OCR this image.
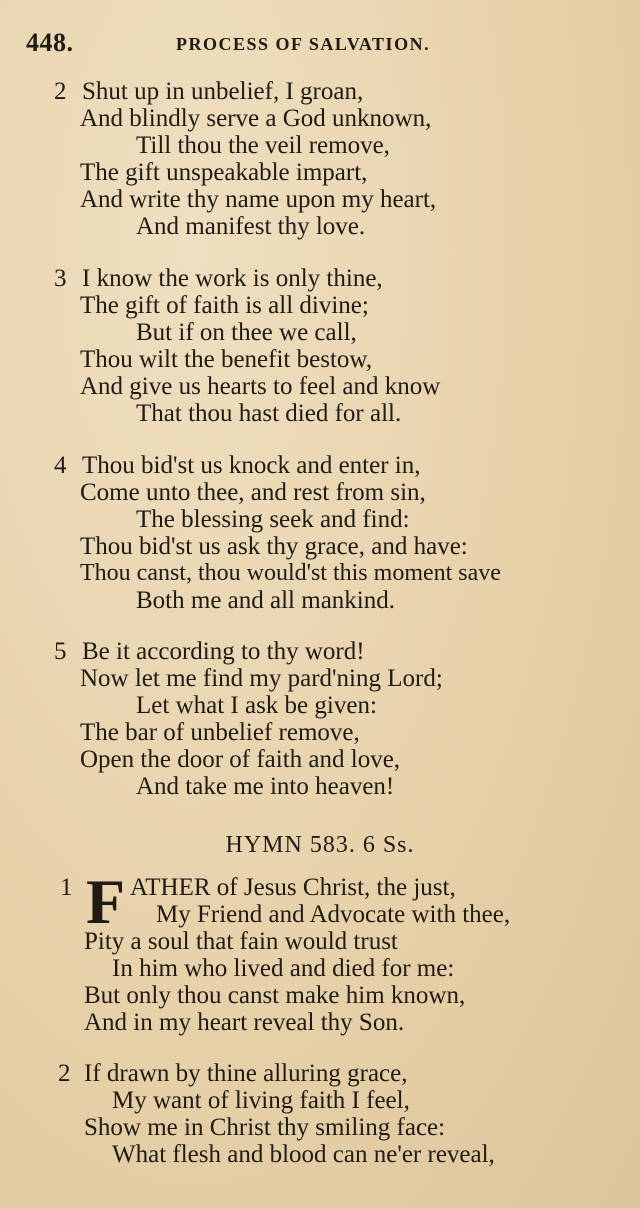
448.	PROCESS OF SALVATION.
2 Shut up in unbelief, I groan,
And blindly serve a God unknown,
Till thou the veil remove,
The gift unspeakable impart,
And write thy name upon my heart,
And manifest thy love.
3 I know the work is only thine,
The gift of faith is all divine;
But if on thee we call,
Thou wilt the benefit bestow,
And give us hearts to feel and know
That thou hast died for all.
4 Thou bid'st us knock and enter in,
Come unto thee, and rest from sin,
The blessing seek and find:
Thou bid'st us ask thy grace, and have:
Thou canst, thou would'st this moment save
Both me and all mankind.
5 Be it according to thy word!
Now let me find my pard'ning Lord;
Let what I ask be given:
The bar of unbelief remove,
Open the door of faith and love,
And take me into heaven!
HYMN 583. 6 Ss.
1 F ATHER of Jesus Christ, the just,
My Friend and Advocate with thee,
Pity a soul that fain would trust
In him who lived and died for me:
But only thou canst make him known,
And in my heart reveal thy Son.
2 If drawn by thine alluring grace,
My want of living faith I feel,
Show me in Christ thy smiling face:
What flesh and blood can ne'er reveal,
